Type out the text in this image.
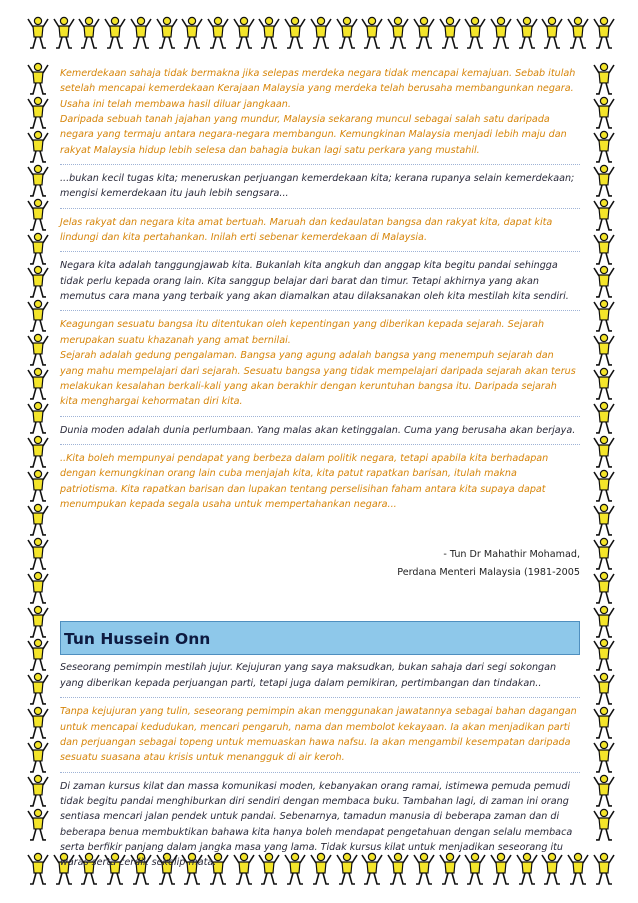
Kemerdekaan sahaja tidak bermakna jika selepas merdeka negara tidak mencapai kemajuan. Sebab itulah
setelah mencapai kemerdekaan Kerajaan Malaysia yang merdeka telah berusaha membangunkan negara.
Usaha ini telah membawa hasil diluar jangkaan.
Daripada sebuah tanah jajahan yang mundur, Malaysia sekarang muncul sebagai salah satu daripada
negara yang termaju antara negara-negara membangun. Kemungkinan Malaysia menjadi lebih maju dan
rakyat Malaysia hidup lebih selesa dan bahagia bukan lagi satu perkara yang mustahil.
...bukan kecil tugas kita; meneruskan perjuangan kemerdekaan kita; kerana rupanya selain kemerdekaan;
mengisi kemerdekaan itu jauh lebih sengsara...
Jelas rakyat dan negara kita amat bertuah. Maruah dan kedaulatan bangsa dan rakyat kita, dapat kita
lindungi dan kita pertahankan. Inilah erti sebenar kemerdekaan di Malaysia.
Negara kita adalah tanggungjawab kita. Bukanlah kita angkuh dan anggap kita begitu pandai sehingga
tidak perlu kepada orang lain. Kita sanggup belajar dari barat dan timur. Tetapi akhirnya yang akan
memutus cara mana yang terbaik yang akan diamalkan atau dilaksanakan oleh kita mestilah kita sendiri.
Keagungan sesuatu bangsa itu ditentukan oleh kepentingan yang diberikan kepada sejarah. Sejarah
merupakan suatu khazanah yang amat bernilai.
Sejarah adalah gedung pengalaman. Bangsa yang agung adalah bangsa yang menempuh sejarah dan
yang mahu mempelajari dari sejarah. Sesuatu bangsa yang tidak mempelajari daripada sejarah akan terus
melakukan kesalahan berkali-kali yang akan berakhir dengan keruntuhan bangsa itu. Daripada sejarah
kita menghargai kehormatan diri kita.
Dunia moden adalah dunia perlumbaan. Yang malas akan ketinggalan. Cuma yang berusaha akan berjaya.
..Kita boleh mempunyai pendapat yang berbeza dalam politik negara, tetapi apabila kita berhadapan
dengan kemungkinan orang lain cuba menjajah kita, kita patut rapatkan barisan, itulah makna
patriotisma. Kita rapatkan barisan dan lupakan tentang perselisihan faham antara kita supaya dapat
menumpukan kepada segala usaha untuk mempertahankan negara...
- Tun Dr Mahathir Mohamad,
Perdana Menteri Malaysia (1981-2005
Tun Hussein Onn
Seseorang pemimpin mestilah jujur. Kejujuran yang saya maksudkan, bukan sahaja dari segi sokongan
yang diberikan kepada perjuangan parti, tetapi juga dalam pemikiran, pertimbangan dan tindakan..
Tanpa kejujuran yang tulin, seseorang pemimpin akan menggunakan jawatannya sebagai bahan dagangan
untuk mencapai kedudukan, mencari pengaruh, nama dan membolot kekayaan. Ia akan menjadikan parti
dan perjuangan sebagai topeng untuk memuaskan hawa nafsu. Ia akan mengambil kesempatan daripada
sesuatu suasana atau krisis untuk menangguk di air keroh.
Di zaman kursus kilat dan massa komunikasi moden, kebanyakan orang ramai, istimewa pemuda pemudi
tidak begitu pandai menghiburkan diri sendiri dengan membaca buku. Tambahan lagi, di zaman ini orang
sentiasa mencari jalan pendek untuk pandai. Sebenarnya, tamadun manusia di beberapa zaman dan di
beberapa benua membuktikan bahawa kita hanya boleh mendapat pengetahuan dengan selalu membaca
serta berfikir panjang dalam jangka masa yang lama. Tidak kursus kilat untuk menjadikan seseorang itu
waras serta cerdik sekelip mata.
